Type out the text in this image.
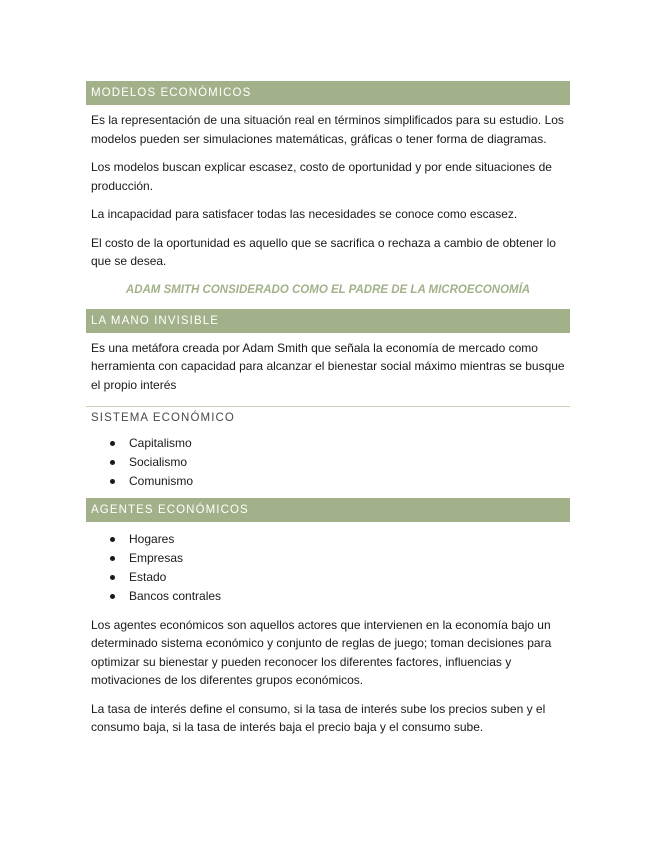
MODELOS ECONÓMICOS

Es la representación de una situación real en términos simplificados para su estudio. Los modelos pueden ser simulaciones matemáticas, gráficas o tener forma de diagramas.

Los modelos buscan explicar escasez, costo de oportunidad y por ende situaciones de producción.

La incapacidad para satisfacer todas las necesidades se conoce como escasez.

El costo de la oportunidad es aquello que se sacrifica o rechaza a cambio de obtener lo que se desea.

ADAM SMITH CONSIDERADO COMO EL PADRE DE LA MICROECONOMÍA
LA MANO INVISIBLE

Es una metáfora creada por Adam Smith que señala la economía de mercado como herramienta con capacidad para alcanzar el bienestar social máximo mientras se busque el propio interés

SISTEMA ECONÓMICO
Capitalismo
Socialismo
Comunismo
AGENTES ECONÓMICOS
Hogares
Empresas
Estado
Bancos contrales

Los agentes económicos son aquellos actores que intervienen en la economía bajo un determinado sistema económico y conjunto de reglas de juego; toman decisiones para optimizar su bienestar y pueden reconocer los diferentes factores, influencias y motivaciones de los diferentes grupos económicos.

La tasa de interés define el consumo, si la tasa de interés sube los precios suben y el consumo baja, si la tasa de interés baja el precio baja y el consumo sube.
